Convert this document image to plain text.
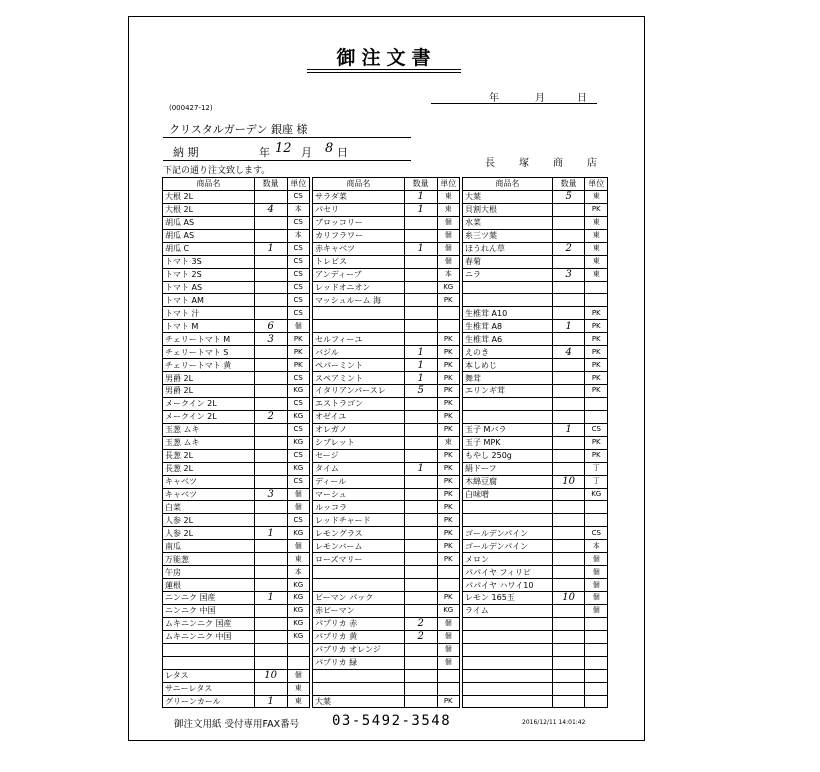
御注文書
年	月	日
(000427-12)
クリスタルガーデン 銀座 様
納 期	年 12 月 8 日
下記の通り注文致します。
長 塚 商 店
商品名	数量	単位		商品名	数量	単位		商品名	数量	単位
大根 2L		CS		サラダ菜	1	東		大葉	5	東
大根 2L	4	本		パセリ	1	束		貝割大根		PK
胡瓜 AS		CS		ブロッコリー		個		水菜		東
胡瓜 AS		本		カリフラワー		個		糸三ツ葉		東
胡瓜 C	1	CS		赤キャベツ	1	個		ほうれん草	2	東
トマト 3S		CS		トレビス		個		春菊		東
トマト 2S		CS		アンディーブ		本		ニラ	3	東
トマト AS		CS		レッドオニオン		KG				
トマト AM		CS		マッシュルーム 海		PK				
トマト 汁		CS						生椎茸 A10		PK
トマト M	6	個						生椎茸 A8	1	PK
チェリートマト M	3	PK		セルフィーユ		PK		生椎茸 A6		PK
チェリートマト S		PK		バジル	1	PK		えのき	4	PK
チェリートマト 黄		PK		ペパーミント	1	PK		本しめじ		PK
男爵 2L		CS		スペアミント	1	PK		舞茸		PK
男爵 2L		KG		イタリアンパースレ	5	PK		エリンギ茸		PK
メークイン 2L		CS		エストラゴン		PK				
メークイン 2L	2	KG		オゼイユ		PK				
玉葱 ムキ		CS		オレガノ		PK		玉子 Mバラ	1	CS
玉葱 ムキ		KG		シブレット		束		玉子 MPK		PK
長葱 2L		CS		セージ		PK		もやし 250g		PK
長葱 2L		KG		タイム	1	PK		絹ドーフ		丁
キャベツ		CS		ディール		PK		木綿豆腐	10	丁
キャベツ	3	個		マーシュ		PK		白味噌		KG
白菜		個		ルッコラ		PK				
人参 2L		CS		レッドチャード		PK				
人参 2L	1	KG		レモングラス		PK		ゴールデンパイン		CS
南瓜		個		レモンバーム		PK		ゴールデンパイン		本
万能葱		東		ローズマリー		PK		メロン		個
午房		本						パパイヤ フィリピ		個
蓮根		KG						パパイヤ ハワイ10		個
ニンニク 国産	1	KG		ピーマン パック		PK		レモン 165玉	10	個
ニンニク 中国		KG		赤ピーマン		KG		ライム		個
ムキニンニク 国産		KG		パプリカ 赤	2	個				
ムキニンニク 中国		KG		パプリカ 黄	2	個				
				パプリカ オレンジ		個				
				パプリカ 緑		個				
レタス	10	個								
サニーレタス		東								
グリーンカール	1	東		大葉		PK				
御注文用紙 受付専用FAX番号 03-5492-3548	2016/12/11 14:01:42
